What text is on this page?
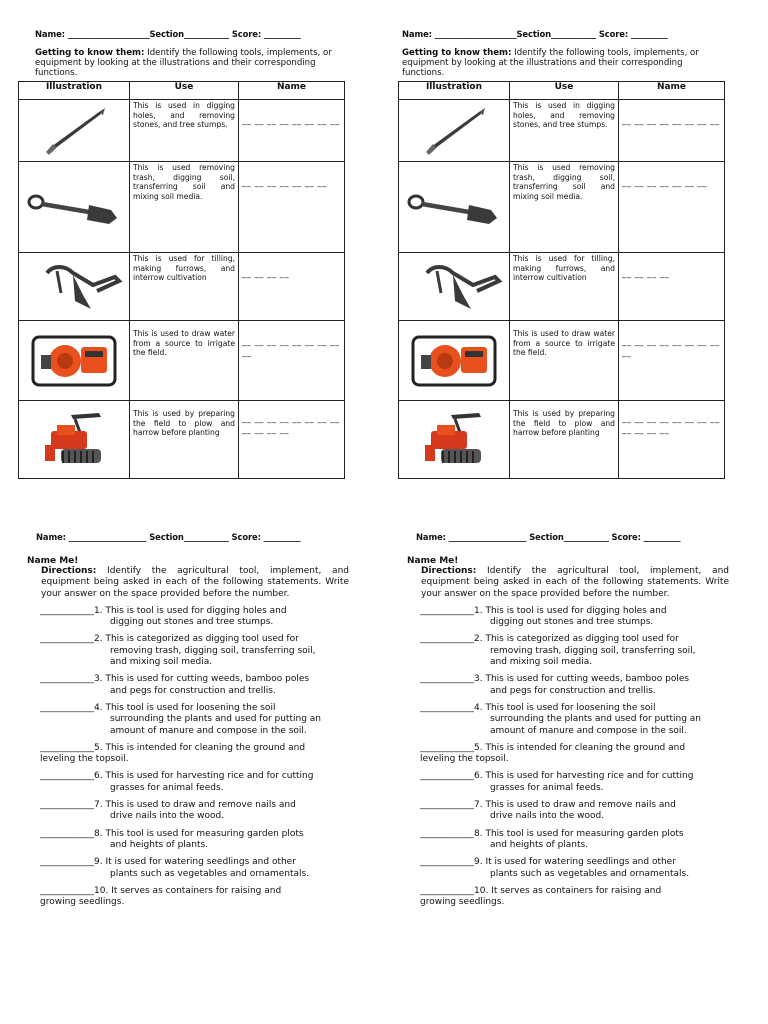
Name: ____________________Section___________ Score: _________
Getting to know them: Identify the following tools, implements, or equipment by looking at the illustrations and their corresponding functions.
Illustration	Use	Name

	This is used in digging holes, and removing stones, and tree stumps.	__ __ __ __ __ __ __ __

	This is used removing trash, digging soil, transferring soil and mixing soil media.	__ __ __ __ __ __ __

	This is used for tilling, making furrows, and interrow cultivation	__ __ __ __

	This is used to draw water from a source to irrigate the field.	__ __ __ __ __ __ __ __ __

	This is used by preparing the field to plow and harrow before planting	__ __ __ __ __ __ __ __ __ __ __ __
Name: ____________________Section___________ Score: _________
Getting to know them: Identify the following tools, implements, or equipment by looking at the illustrations and their corresponding functions.
Illustration	Use	Name

	This is used in digging holes, and removing stones, and tree stumps.	__ __ __ __ __ __ __ __

	This is used removing trash, digging soil, transferring soil and mixing soil media.	__ __ __ __ __ __ __

	This is used for tilling, making furrows, and interrow cultivation	__ __ __ __

	This is used to draw water from a source to irrigate the field.	__ __ __ __ __ __ __ __ __

	This is used by preparing the field to plow and harrow before planting	__ __ __ __ __ __ __ __ __ __ __ __
Name: ___________________ Section___________ Score: _________
Name Me!
Directions: Identify the agricultural tool, implement, and equipment being asked in each of the following statements. Write your answer on the space provided before the number.
____________1. This is tool is used for digging holes and
digging out stones and tree stumps.
____________2. This is categorized as digging tool used for
removing trash, digging soil, transferring soil,
and mixing soil media.
____________3. This is used for cutting weeds, bamboo poles
and pegs for construction and trellis.
____________4. This tool is used for loosening the soil
surrounding the plants and used for putting an
amount of manure and compose in the soil.
____________5. This is intended for cleaning the ground and
leveling the topsoil.
____________6. This is used for harvesting rice and for cutting
grasses for animal feeds.
____________7. This is used to draw and remove nails and
drive nails into the wood.
____________8. This tool is used for measuring garden plots
and heights of plants.
____________9. It is used for watering seedlings and other
plants such as vegetables and ornamentals.
____________10. It serves as containers for raising and
growing seedlings.
Name: ___________________ Section___________ Score: _________
Name Me!
Directions: Identify the agricultural tool, implement, and equipment being asked in each of the following statements. Write your answer on the space provided before the number.
____________1. This is tool is used for digging holes and
digging out stones and tree stumps.
____________2. This is categorized as digging tool used for
removing trash, digging soil, transferring soil,
and mixing soil media.
____________3. This is used for cutting weeds, bamboo poles
and pegs for construction and trellis.
____________4. This tool is used for loosening the soil
surrounding the plants and used for putting an
amount of manure and compose in the soil.
____________5. This is intended for cleaning the ground and
leveling the topsoil.
____________6. This is used for harvesting rice and for cutting
grasses for animal feeds.
____________7. This is used to draw and remove nails and
drive nails into the wood.
____________8. This tool is used for measuring garden plots
and heights of plants.
____________9. It is used for watering seedlings and other
plants such as vegetables and ornamentals.
____________10. It serves as containers for raising and
growing seedlings.
